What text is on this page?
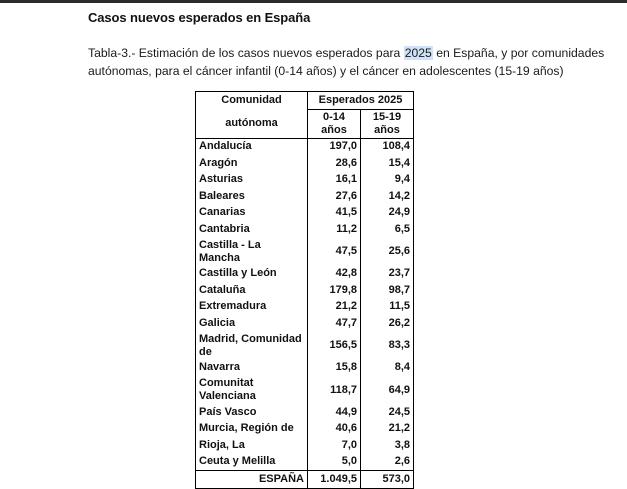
Casos nuevos esperados en España
Tabla-3.- Estimación de los casos nuevos esperados para 2025 en España, y por comunidades autónomas, para el cáncer infantil (0-14 años) y el cáncer en adolescentes (15-19 años)
Comunidad	Esperados 2025	
autónoma	0-14 años	15-19 años
Andalucía	197,0	108,4
Aragón	28,6	15,4
Asturias	16,1	9,4
Baleares	27,6	14,2
Canarias	41,5	24,9
Cantabria	11,2	6,5
Castilla - La Mancha	47,5	25,6
Castilla y León	42,8	23,7
Cataluña	179,8	98,7
Extremadura	21,2	11,5
Galicia	47,7	26,2
Madrid, Comunidad de	156,5	83,3
Navarra	15,8	8,4
Comunitat Valenciana	118,7	64,9
País Vasco	44,9	24,5
Murcia, Región de	40,6	21,2
Rioja, La	7,0	3,8
Ceuta y Melilla	5,0	2,6
ESPAÑA	1.049,5	573,0
